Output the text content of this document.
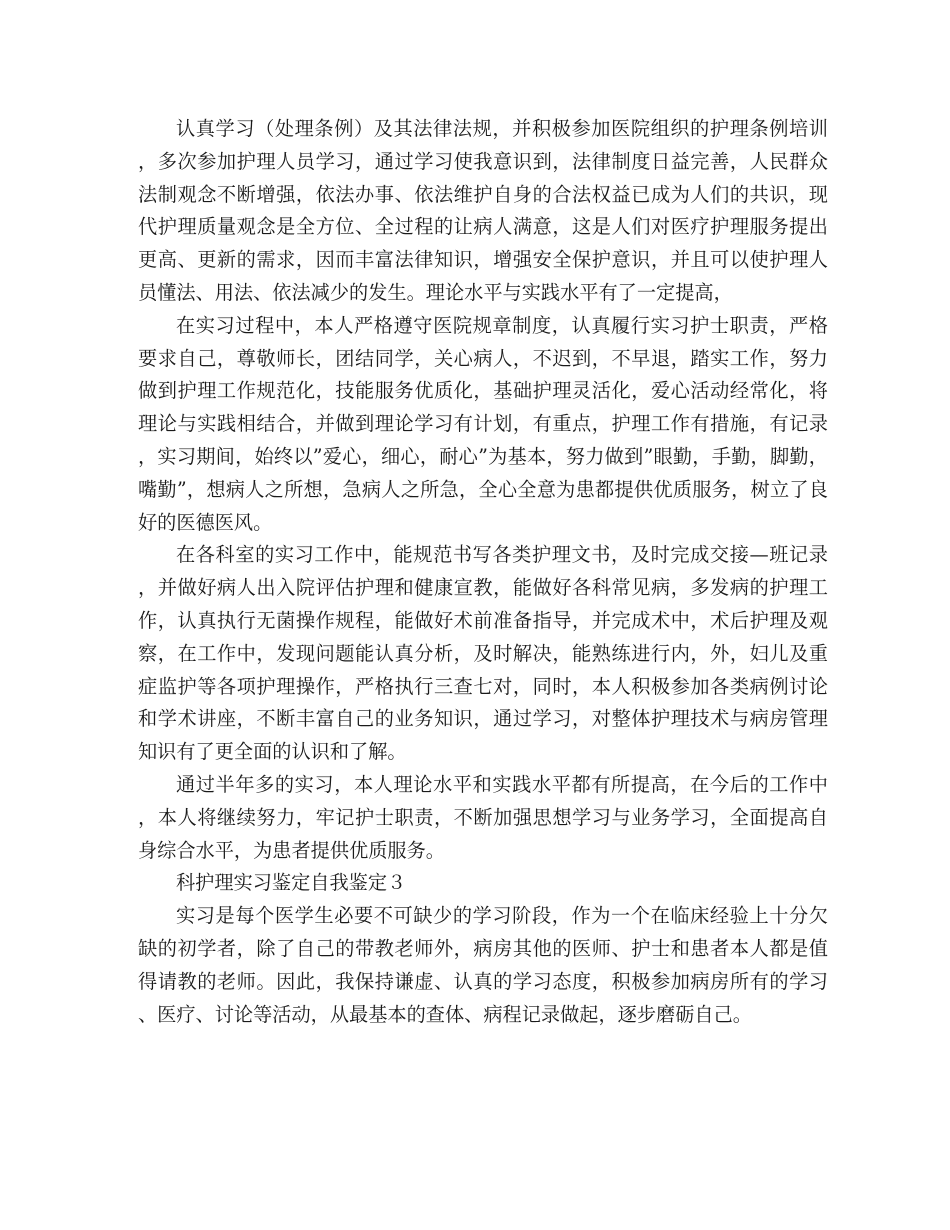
认真学习（处理条例）及其法律法规，并积极参加医院组织的护理条例培训，多次参加护理人员学习，通过学习使我意识到，法律制度日益完善，人民群众法制观念不断增强，依法办事、依法维护自身的合法权益已成为人们的共识，现代护理质量观念是全方位、全过程的让病人满意，这是人们对医疗护理服务提出更高、更新的需求，因而丰富法律知识，增强安全保护意识，并且可以使护理人员懂法、用法、依法减少的发生。理论水平与实践水平有了一定提高，

在实习过程中，本人严格遵守医院规章制度，认真履行实习护士职责，严格要求自己，尊敬师长，团结同学，关心病人，不迟到，不早退，踏实工作，努力做到护理工作规范化，技能服务优质化，基础护理灵活化，爱心活动经常化，将理论与实践相结合，并做到理论学习有计划，有重点，护理工作有措施，有记录，实习期间，始终以”爱心，细心，耐心”为基本，努力做到”眼勤，手勤，脚勤，嘴勤”，想病人之所想，急病人之所急，全心全意为患都提供优质服务，树立了良好的医德医风。

在各科室的实习工作中，能规范书写各类护理文书，及时完成交接—班记录，并做好病人出入院评估护理和健康宣教，能做好各科常见病，多发病的护理工作，认真执行无菌操作规程，能做好术前准备指导，并完成术中，术后护理及观察，在工作中，发现问题能认真分析，及时解决，能熟练进行内，外，妇儿及重症监护等各项护理操作，严格执行三查七对，同时，本人积极参加各类病例讨论和学术讲座，不断丰富自己的业务知识，通过学习，对整体护理技术与病房管理知识有了更全面的认识和了解。

通过半年多的实习，本人理论水平和实践水平都有所提高，在今后的工作中，本人将继续努力，牢记护士职责，不断加强思想学习与业务学习，全面提高自身综合水平，为患者提供优质服务。

科护理实习鉴定自我鉴定３

实习是每个医学生必要不可缺少的学习阶段，作为一个在临床经验上十分欠缺的初学者，除了自己的带教老师外，病房其他的医师、护士和患者本人都是值得请教的老师。因此，我保持谦虚、认真的学习态度，积极参加病房所有的学习、医疗、讨论等活动，从最基本的查体、病程记录做起，逐步磨砺自己。
